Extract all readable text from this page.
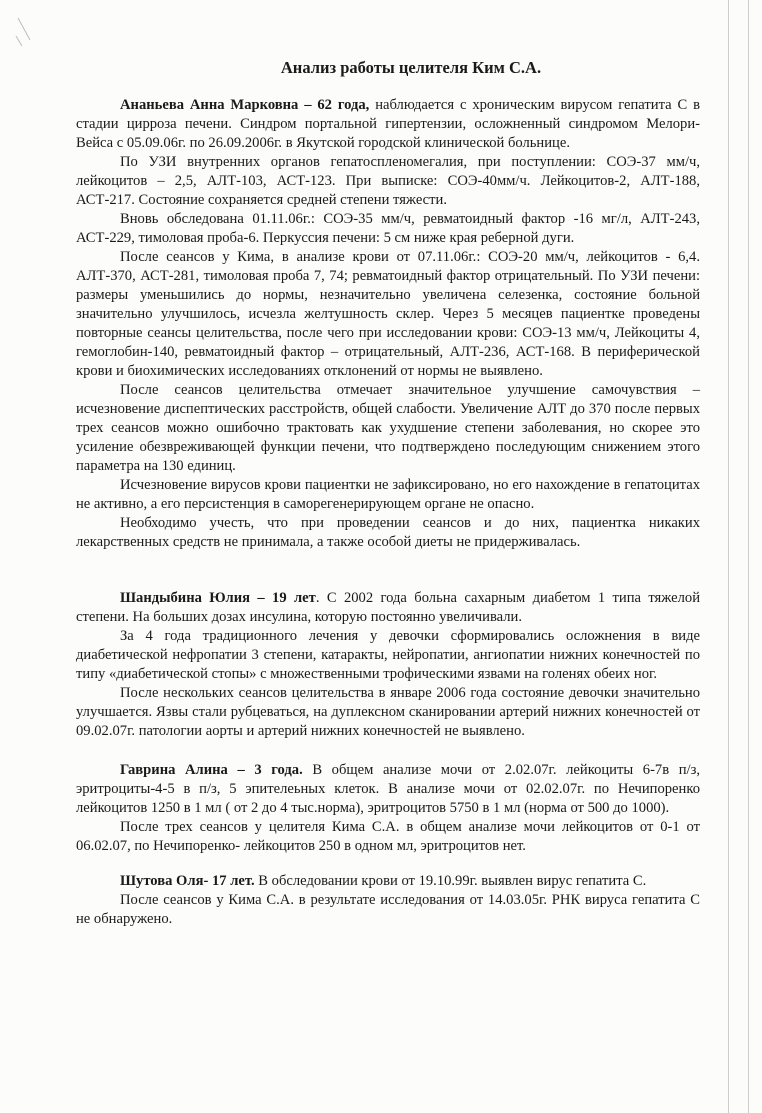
Анализ работы целителя Ким С.А.

Ананьева Анна Марковна – 62 года, наблюдается с хроническим вирусом гепатита С в стадии цирроза печени. Синдром портальной гипертензии, осложненный синдромом Мелори-Вейса с 05.09.06г. по 26.09.2006г. в Якутской городской клинической больнице.

По УЗИ внутренних органов гепатоспленомегалия, при поступлении: СОЭ-37 мм/ч, лейкоцитов – 2,5, АЛТ-103, АСТ-123. При выписке: СОЭ-40мм/ч. Лейкоцитов-2, АЛТ-188, АСТ-217. Состояние сохраняется средней степени тяжести.

Вновь обследована 01.11.06г.: СОЭ-35 мм/ч, ревматоидный фактор -16 мг/л, АЛТ-243, АСТ-229, тимоловая проба-6. Перкуссия печени: 5 см ниже края реберной дуги.

После сеансов у Кима, в анализе крови от 07.11.06г.: СОЭ-20 мм/ч, лейкоцитов - 6,4. АЛТ-370, АСТ-281, тимоловая проба 7, 74; ревматоидный фактор отрицательный. По УЗИ печени: размеры уменьшились до нормы, незначительно увеличена селезенка, состояние больной значительно улучшилось, исчезла желтушность склер. Через 5 месяцев пациентке проведены повторные сеансы целительства, после чего при исследовании крови: СОЭ-13 мм/ч, Лейкоциты 4, гемоглобин-140, ревматоидный фактор – отрицательный, АЛТ-236, АСТ-168. В периферической крови и биохимических исследованиях отклонений от нормы не выявлено.

После сеансов целительства отмечает значительное улучшение самочувствия – исчезновение диспептических расстройств, общей слабости. Увеличение АЛТ до 370 после первых трех сеансов можно ошибочно трактовать как ухудшение степени заболевания, но скорее это усиление обезвреживающей функции печени, что подтверждено последующим снижением этого параметра на 130 единиц.

Исчезновение вирусов крови пациентки не зафиксировано, но его нахождение в гепатоцитах не активно, а его персистенция в саморегенерирующем органе не опасно.

Необходимо учесть, что при проведении сеансов и до них, пациентка никаких лекарственных средств не принимала, а также особой диеты не придерживалась.

Шандыбина Юлия – 19 лет. С 2002 года больна сахарным диабетом 1 типа тяжелой степени. На больших дозах инсулина, которую постоянно увеличивали.

За 4 года традиционного лечения у девочки сформировались осложнения в виде диабетической нефропатии 3 степени, катаракты, нейропатии, ангиопатии нижних конечностей по типу «диабетической стопы» с множественными трофическими язвами на голенях обеих ног.

После нескольких сеансов целительства в январе 2006 года состояние девочки значительно улучшается. Язвы стали рубцеваться, на дуплексном сканировании артерий нижних конечностей от 09.02.07г. патологии аорты и артерий нижних конечностей не выявлено.

Гаврина Алина – 3 года. В общем анализе мочи от 2.02.07г. лейкоциты 6-7в п/з, эритроциты-4-5 в п/з, 5 эпителеьных клеток. В анализе мочи от 02.02.07г. по Нечипоренко лейкоцитов 1250 в 1 мл ( от 2 до 4 тыс.норма), эритроцитов 5750 в 1 мл (норма от 500 до 1000).

После трех сеансов у целителя Кима С.А. в общем анализе мочи лейкоцитов от 0-1 от 06.02.07, по Нечипоренко- лейкоцитов 250 в одном мл, эритроцитов нет.

Шутова Оля- 17 лет. В обследовании крови от 19.10.99г. выявлен вирус гепатита С.

После сеансов у Кима С.А. в результате исследования от 14.03.05г. РНК вируса гепатита С не обнаружено.
